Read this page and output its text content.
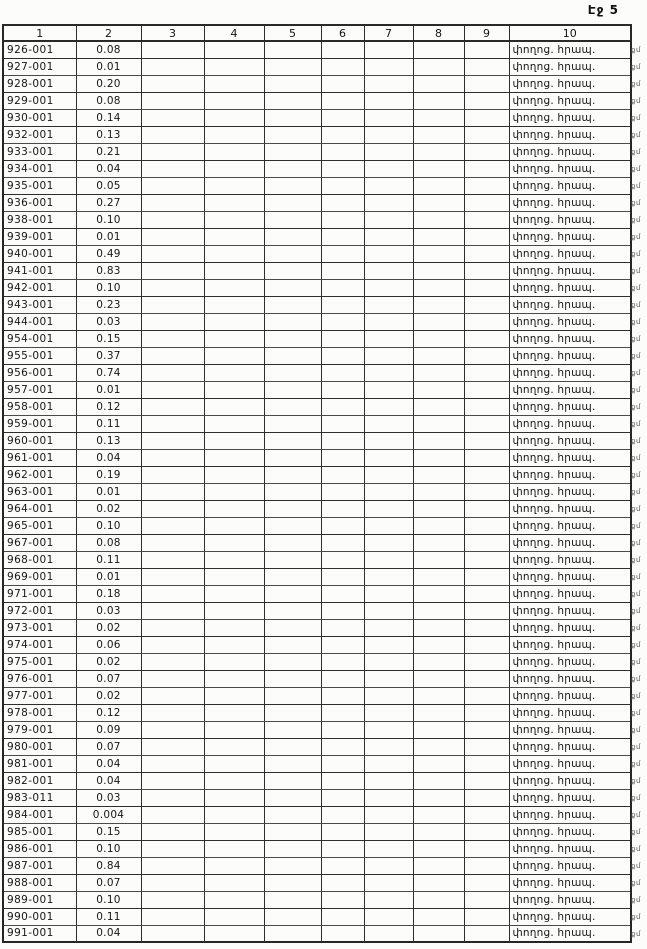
Էջ 5
1	2	3	4	5	6	7	8	9	10
926-001	0.08								փողոց. հրապ.
927-001	0.01								փողոց. հրապ.
928-001	0.20								փողոց. հրապ.
929-001	0.08								փողոց. հրապ.
930-001	0.14								փողոց. հրապ.
932-001	0.13								փողոց. հրապ.
933-001	0.21								փողոց. հրապ.
934-001	0.04								փողոց. հրապ.
935-001	0.05								փողոց. հրապ.
936-001	0.27								փողոց. հրապ.
938-001	0.10								փողոց. հրապ.
939-001	0.01								փողոց. հրապ.
940-001	0.49								փողոց. հրապ.
941-001	0.83								փողոց. հրապ.
942-001	0.10								փողոց. հրապ.
943-001	0.23								փողոց. հրապ.
944-001	0.03								փողոց. հրապ.
954-001	0.15								փողոց. հրապ.
955-001	0.37								փողոց. հրապ.
956-001	0.74								փողոց. հրապ.
957-001	0.01								փողոց. հրապ.
958-001	0.12								փողոց. հրապ.
959-001	0.11								փողոց. հրապ.
960-001	0.13								փողոց. հրապ.
961-001	0.04								փողոց. հրապ.
962-001	0.19								փողոց. հրապ.
963-001	0.01								փողոց. հրապ.
964-001	0.02								փողոց. հրապ.
965-001	0.10								փողոց. հրապ.
967-001	0.08								փողոց. հրապ.
968-001	0.11								փողոց. հրապ.
969-001	0.01								փողոց. հրապ.
971-001	0.18								փողոց. հրապ.
972-001	0.03								փողոց. հրապ.
973-001	0.02								փողոց. հրապ.
974-001	0.06								փողոց. հրապ.
975-001	0.02								փողոց. հրապ.
976-001	0.07								փողոց. հրապ.
977-001	0.02								փողոց. հրապ.
978-001	0.12								փողոց. հրապ.
979-001	0.09								փողոց. հրապ.
980-001	0.07								փողոց. հրապ.
981-001	0.04								փողոց. հրապ.
982-001	0.04								փողոց. հրապ.
983-011	0.03								փողոց. հրապ.
984-001	0.004								փողոց. հրապ.
985-001	0.15								փողոց. հրապ.
986-001	0.10								փողոց. հրապ.
987-001	0.84								փողոց. հրապ.
988-001	0.07								փողոց. հրապ.
989-001	0.10								փողոց. հրապ.
990-001	0.11								փողոց. հրապ.
991-001	0.04								փողոց. հրապ.
քմ
քմ
քմ
քմ
քմ
քմ
քմ
քմ
քմ
քմ
քմ
քմ
քմ
քմ
քմ
քմ
քմ
քմ
քմ
քմ
քմ
քմ
քմ
քմ
քմ
քմ
քմ
քմ
քմ
քմ
քմ
քմ
քմ
քմ
քմ
քմ
քմ
քմ
քմ
քմ
քմ
քմ
քմ
քմ
քմ
քմ
քմ
քմ
քմ
քմ
քմ
քմ
քմ
